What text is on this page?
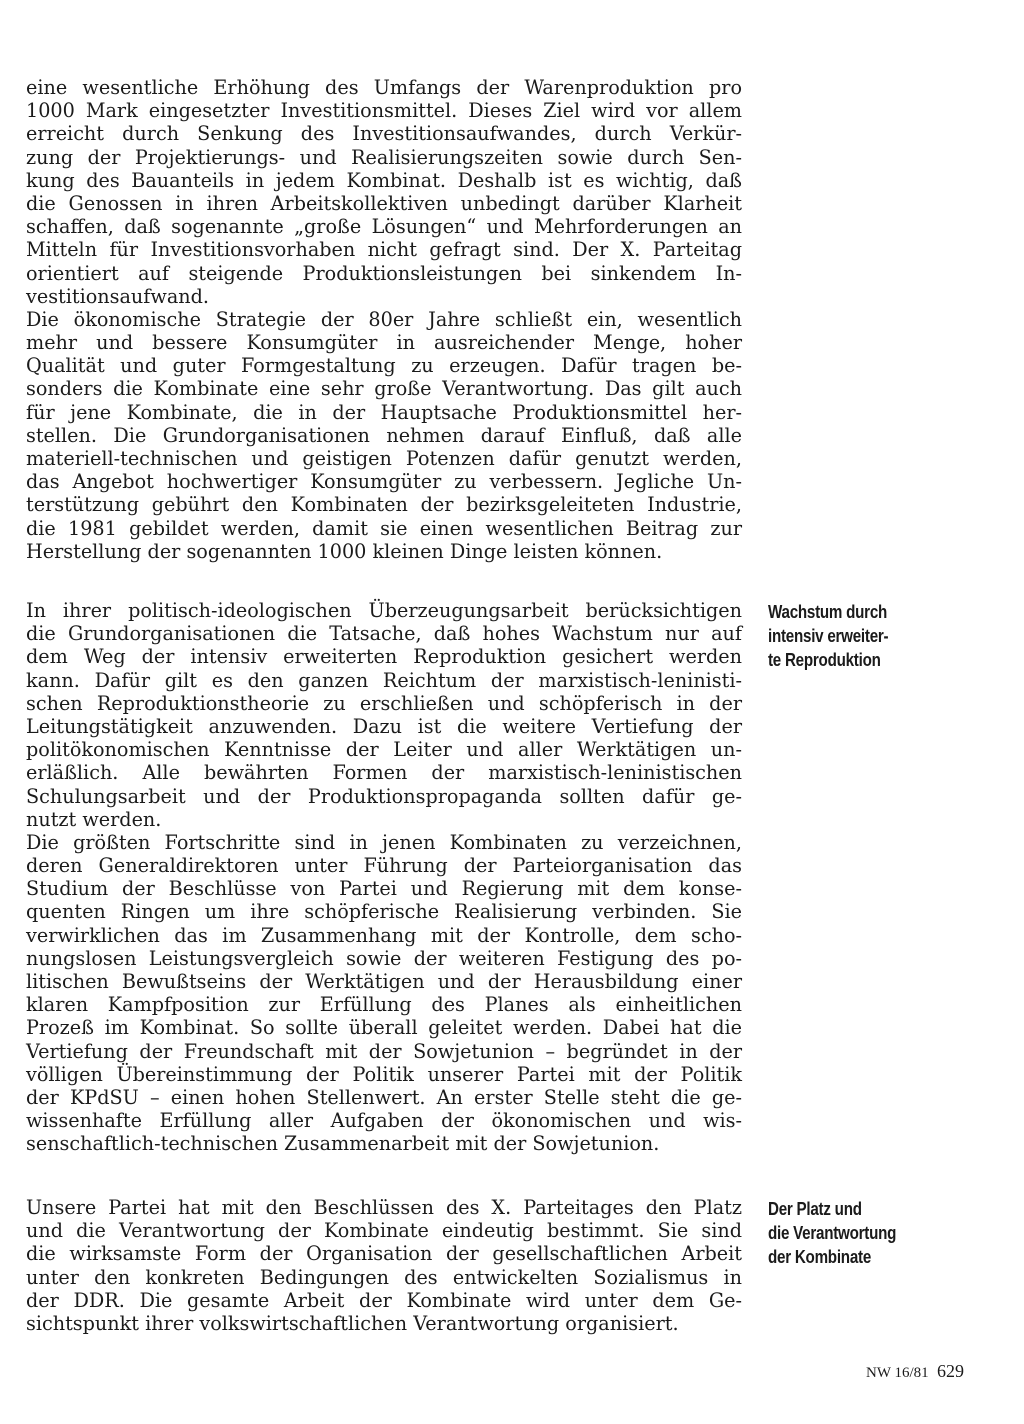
eine wesentliche Erhöhung des Umfangs der Warenproduktion pro
1000 Mark eingesetzter Investitionsmittel. Dieses Ziel wird vor allem
erreicht durch Senkung des Investitionsaufwandes, durch Verkür-
zung der Projektierungs- und Realisierungszeiten sowie durch Sen-
kung des Bauanteils in jedem Kombinat. Deshalb ist es wichtig, daß
die Genossen in ihren Arbeitskollektiven unbedingt darüber Klarheit
schaffen, daß sogenannte „große Lösungen“ und Mehrforderungen an
Mitteln für Investitionsvorhaben nicht gefragt sind. Der X. Parteitag
orientiert auf steigende Produktionsleistungen bei sinkendem In-
vestitionsaufwand.
Die ökonomische Strategie der 80er Jahre schließt ein, wesentlich
mehr und bessere Konsumgüter in ausreichender Menge, hoher
Qualität und guter Formgestaltung zu erzeugen. Dafür tragen be-
sonders die Kombinate eine sehr große Verantwortung. Das gilt auch
für jene Kombinate, die in der Hauptsache Produktionsmittel her-
stellen. Die Grundorganisationen nehmen darauf Einfluß, daß alle
materiell-technischen und geistigen Potenzen dafür genutzt werden,
das Angebot hochwertiger Konsumgüter zu verbessern. Jegliche Un-
terstützung gebührt den Kombinaten der bezirksgeleiteten Industrie,
die 1981 gebildet werden, damit sie einen wesentlichen Beitrag zur
Herstellung der sogenannten 1000 kleinen Dinge leisten können.
In ihrer politisch-ideologischen Überzeugungsarbeit berücksichtigen
die Grundorganisationen die Tatsache, daß hohes Wachstum nur auf
dem Weg der intensiv erweiterten Reproduktion gesichert werden
kann. Dafür gilt es den ganzen Reichtum der marxistisch-leninisti-
schen Reproduktionstheorie zu erschließen und schöpferisch in der
Leitungstätigkeit anzuwenden. Dazu ist die weitere Vertiefung der
politökonomischen Kenntnisse der Leiter und aller Werktätigen un-
erläßlich. Alle bewährten Formen der marxistisch-leninistischen
Schulungsarbeit und der Produktionspropaganda sollten dafür ge-
nutzt werden.
Die größten Fortschritte sind in jenen Kombinaten zu verzeichnen,
deren Generaldirektoren unter Führung der Parteiorganisation das
Studium der Beschlüsse von Partei und Regierung mit dem konse-
quenten Ringen um ihre schöpferische Realisierung verbinden. Sie
verwirklichen das im Zusammenhang mit der Kontrolle, dem scho-
nungslosen Leistungsvergleich sowie der weiteren Festigung des po-
litischen Bewußtseins der Werktätigen und der Herausbildung einer
klaren Kampfposition zur Erfüllung des Planes als einheitlichen
Prozeß im Kombinat. So sollte überall geleitet werden. Dabei hat die
Vertiefung der Freundschaft mit der Sowjetunion – begründet in der
völligen Übereinstimmung der Politik unserer Partei mit der Politik
der KPdSU – einen hohen Stellenwert. An erster Stelle steht die ge-
wissenhafte Erfüllung aller Aufgaben der ökonomischen und wis-
senschaftlich-technischen Zusammenarbeit mit der Sowjetunion.
Unsere Partei hat mit den Beschlüssen des X. Parteitages den Platz
und die Verantwortung der Kombinate eindeutig bestimmt. Sie sind
die wirksamste Form der Organisation der gesellschaftlichen Arbeit
unter den konkreten Bedingungen des entwickelten Sozialismus in
der DDR. Die gesamte Arbeit der Kombinate wird unter dem Ge-
sichtspunkt ihrer volkswirtschaftlichen Verantwortung organisiert.
Wachstum durch
intensiv erweiter-
te Reproduktion
Der Platz und
die Verantwortung
der Kombinate
NW 16/81 629
